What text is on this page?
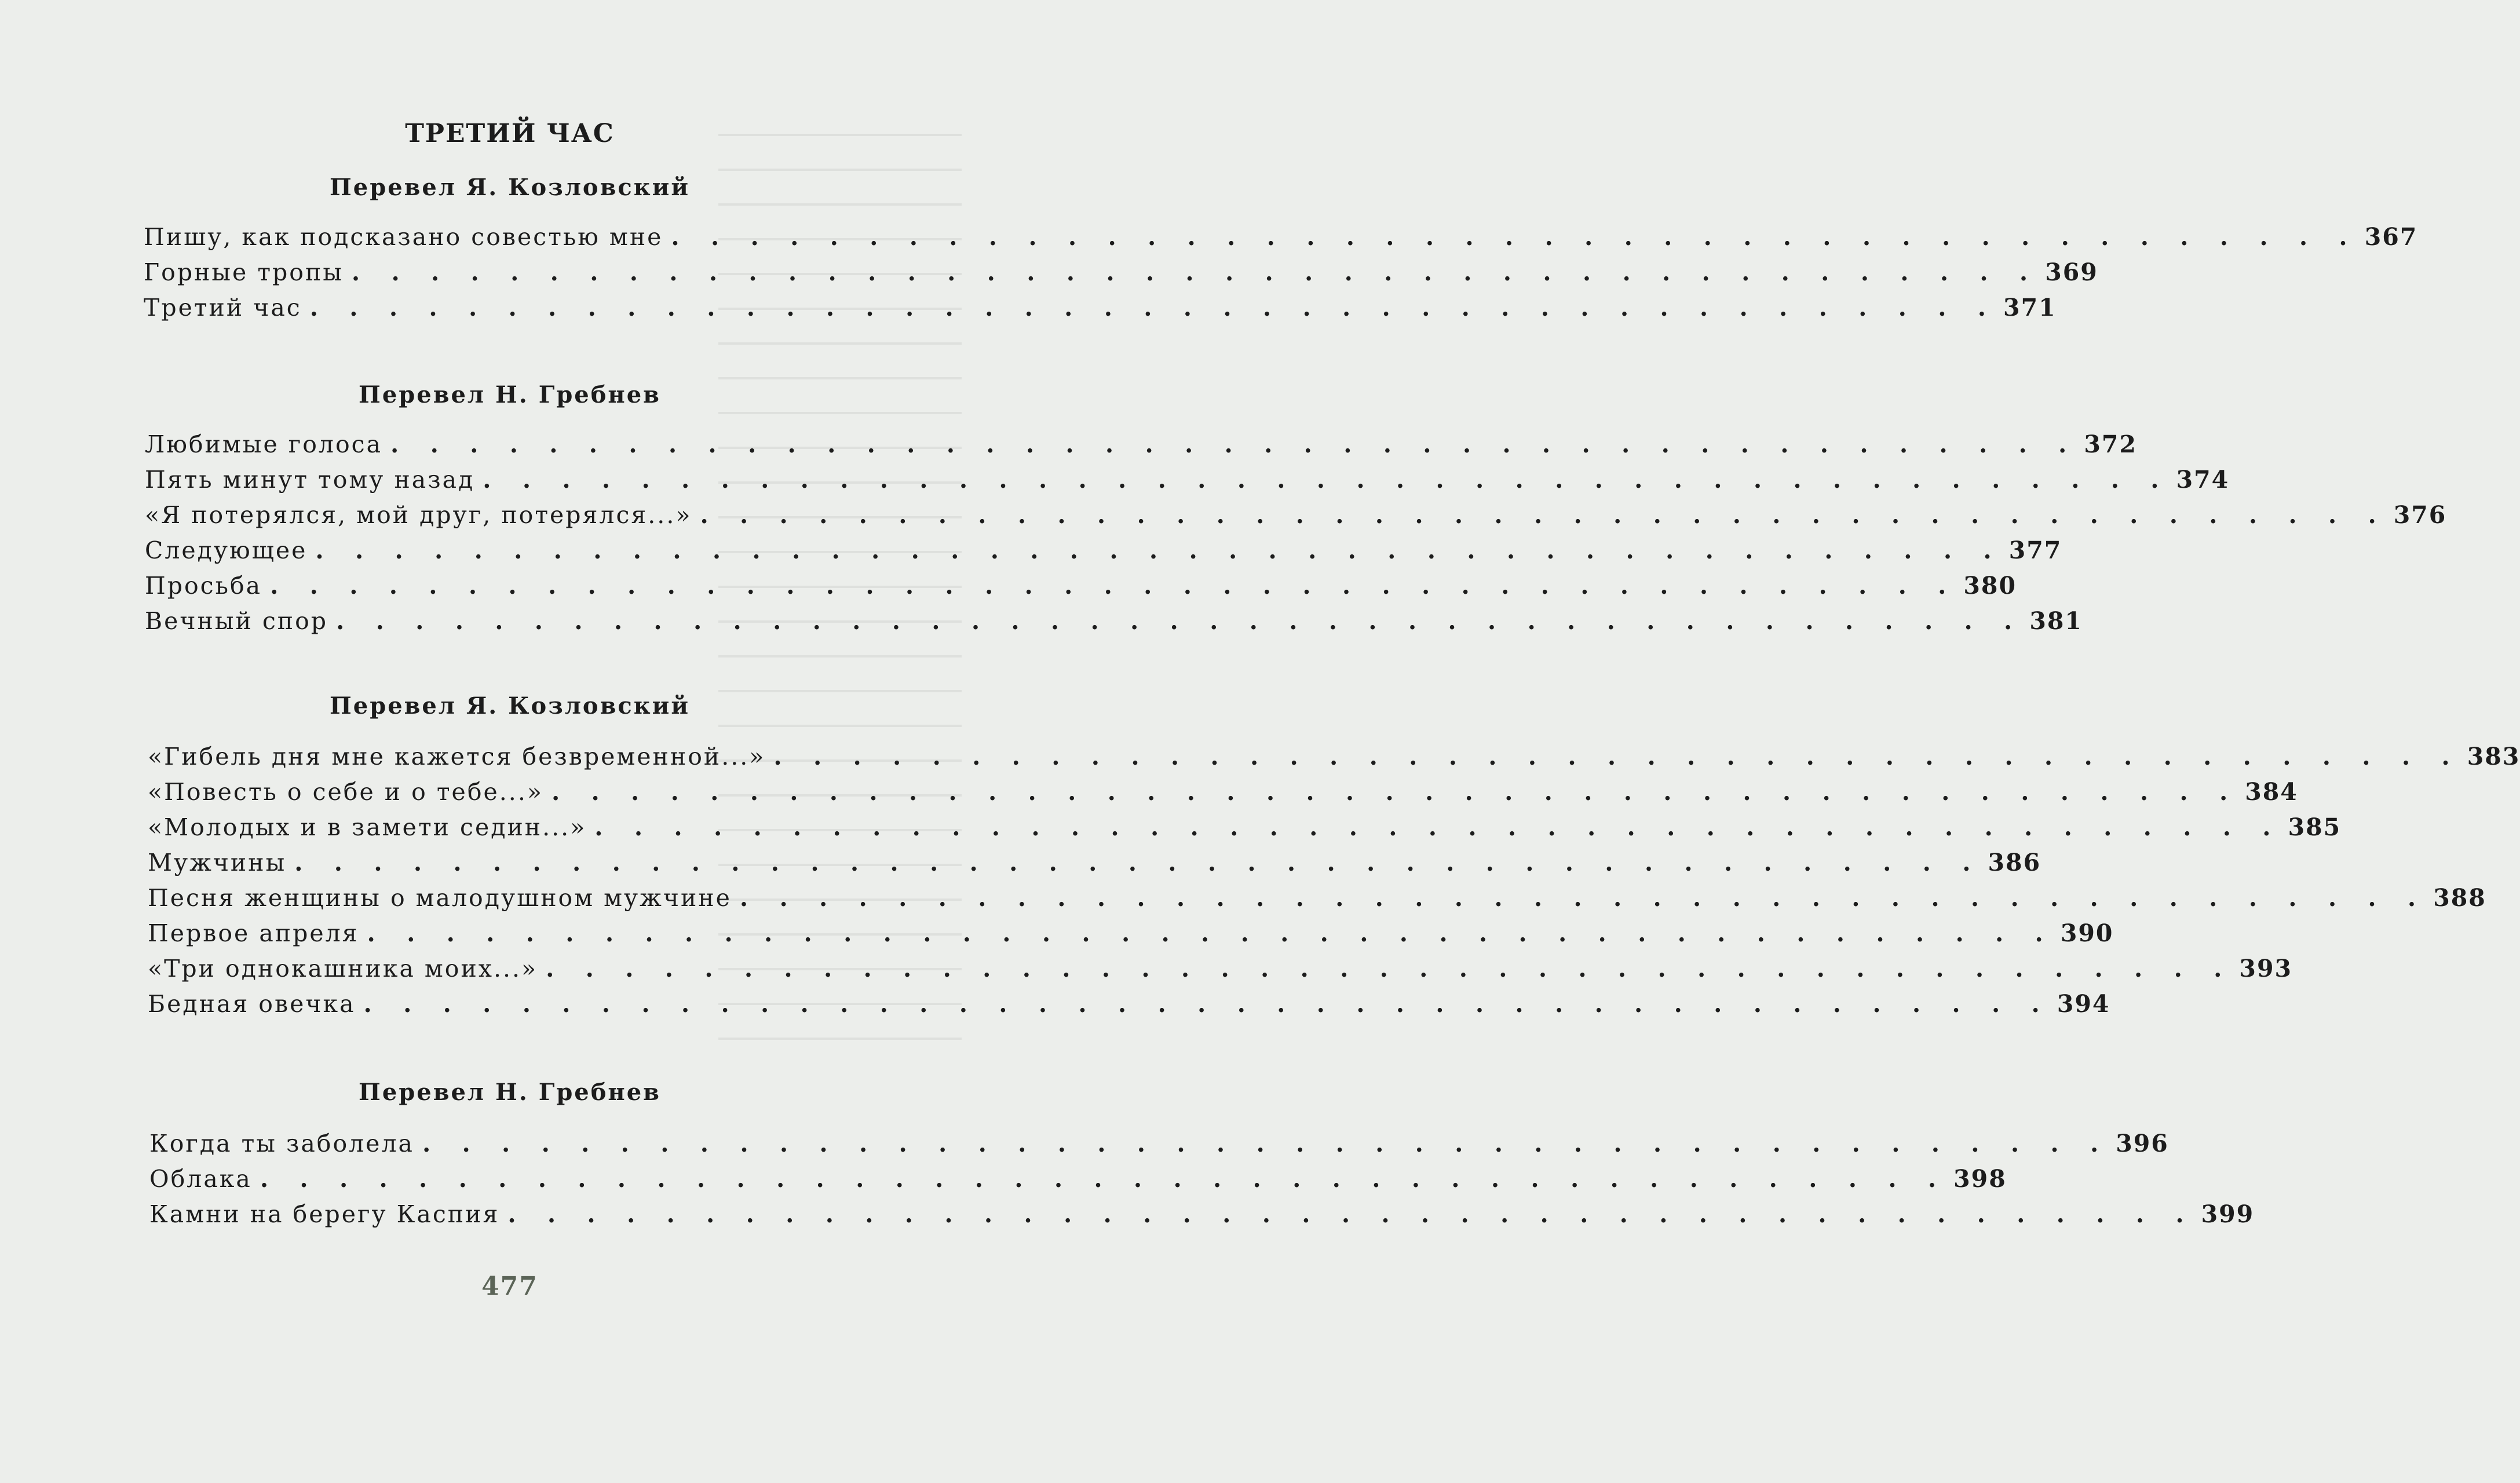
ТРЕТИЙ ЧАС
Перевел Я. Козловский
Пишу, как подсказано совестью мне . . . . . . . . . . . . . . . . . . . . . . . . . . . . . . . . . . . . . . . . . . . 367
Горные тропы . . . . . . . . . . . . . . . . . . . . . . . . . . . . . . . . . . . . . . . . . . . 369
Третий час . . . . . . . . . . . . . . . . . . . . . . . . . . . . . . . . . . . . . . . . . . . 371
Перевел Н. Гребнев
Любимые голоса . . . . . . . . . . . . . . . . . . . . . . . . . . . . . . . . . . . . . . . . . . . 372
Пять минут тому назад . . . . . . . . . . . . . . . . . . . . . . . . . . . . . . . . . . . . . . . . . . . 374
«Я потерялся, мой друг, потерялся...» . . . . . . . . . . . . . . . . . . . . . . . . . . . . . . . . . . . . . . . . . . . 376
Следующее . . . . . . . . . . . . . . . . . . . . . . . . . . . . . . . . . . . . . . . . . . . 377
Просьба . . . . . . . . . . . . . . . . . . . . . . . . . . . . . . . . . . . . . . . . . . . 380
Вечный спор . . . . . . . . . . . . . . . . . . . . . . . . . . . . . . . . . . . . . . . . . . . 381
Перевел Я. Козловский
«Гибель дня мне кажется безвременной...» . . . . . . . . . . . . . . . . . . . . . . . . . . . . . . . . . . . . . . . . . . . 383
«Повесть о себе и о тебе...» . . . . . . . . . . . . . . . . . . . . . . . . . . . . . . . . . . . . . . . . . . . 384
«Молодых и в замети седин...» . . . . . . . . . . . . . . . . . . . . . . . . . . . . . . . . . . . . . . . . . . . 385
Мужчины . . . . . . . . . . . . . . . . . . . . . . . . . . . . . . . . . . . . . . . . . . . 386
Песня женщины о малодушном мужчине . . . . . . . . . . . . . . . . . . . . . . . . . . . . . . . . . . . . . . . . . . . 388
Первое апреля . . . . . . . . . . . . . . . . . . . . . . . . . . . . . . . . . . . . . . . . . . . 390
«Три однокашника моих...» . . . . . . . . . . . . . . . . . . . . . . . . . . . . . . . . . . . . . . . . . . . 393
Бедная овечка . . . . . . . . . . . . . . . . . . . . . . . . . . . . . . . . . . . . . . . . . . . 394
Перевел Н. Гребнев
Когда ты заболела . . . . . . . . . . . . . . . . . . . . . . . . . . . . . . . . . . . . . . . . . . . 396
Облака . . . . . . . . . . . . . . . . . . . . . . . . . . . . . . . . . . . . . . . . . . . 398
Камни на берегу Каспия . . . . . . . . . . . . . . . . . . . . . . . . . . . . . . . . . . . . . . . . . . . 399
477
